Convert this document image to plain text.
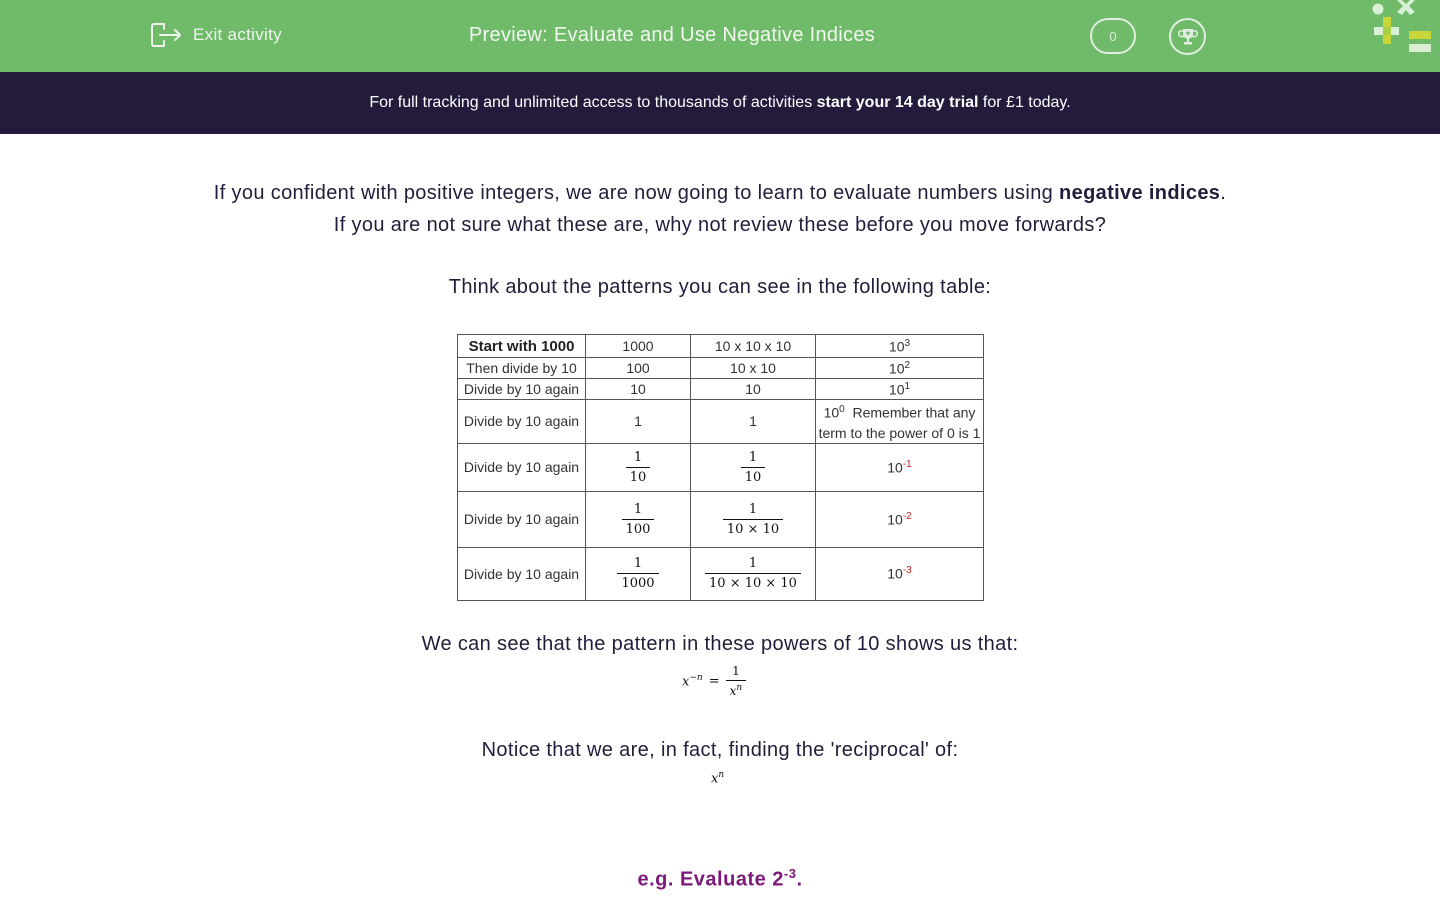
Exit activity	Preview: Evaluate and Use Negative Indices	0
For full tracking and unlimited access to thousands of activities start your 14 day trial for £1 today.
If you confident with positive integers, we are now going to learn to evaluate numbers using negative indices.
If you are not sure what these are, why not review these before you move forwards?
Think about the patterns you can see in the following table:
Start with 1000	1000	10 x 10 x 10	$10^3$
Then divide by 10	100	10 x 10	$10^2$
Divide by 10 again	10	10	$10^1$
Divide by 10 again	1	1	$10^0$ Remember that any term to the power of 0 is 1
Divide by 10 again	$\frac{1}{10}$	$\frac{1}{10}$	$10^{-1}$
Divide by 10 again	$\frac{1}{100}$	$\frac{1}{10 \times 10}$	$10^{-2}$
Divide by 10 again	$\frac{1}{1000}$	$\frac{1}{10 \times 10 \times 10}$	$10^{-3}$
We can see that the pattern in these powers of 10 shows us that:
$x^{-n} = \frac{1}{x^n}$
Notice that we are, in fact, finding the 'reciprocal' of:
$x^n$
e.g. Evaluate $2^{-3}$.
